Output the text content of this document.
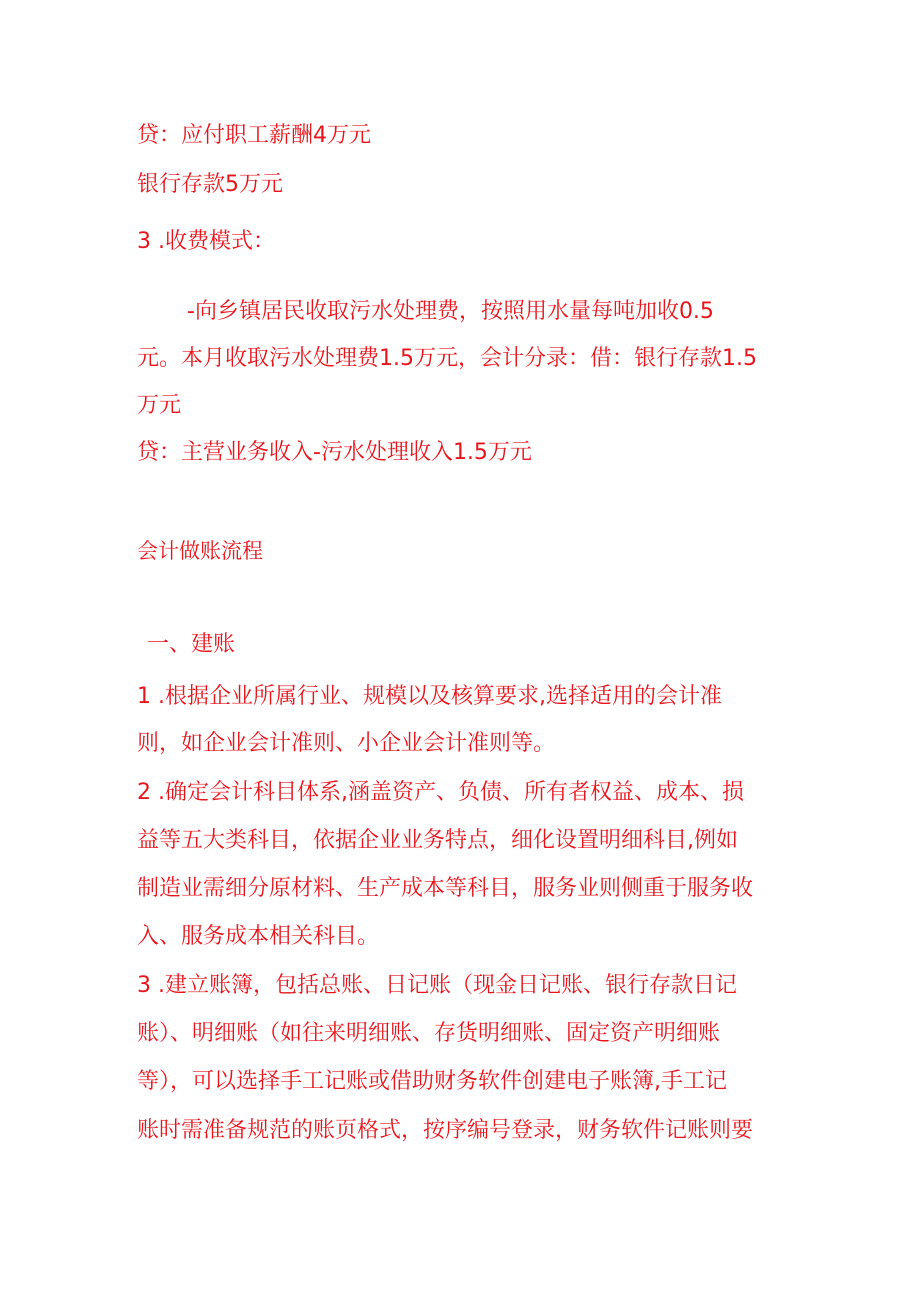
贷：应付职工薪酬4万元
银行存款5万元
3 .收费模式：
-向乡镇居民收取污水处理费，按照用水量每吨加收0.5
元。本月收取污水处理费1.5万元，会计分录：借：银行存款1.5
万元
贷：主营业务收入-污水处理收入1.5万元
会计做账流程
一、建账
1 .根据企业所属行业、规模以及核算要求,选择适用的会计准
则，如企业会计准则、小企业会计准则等。
2 .确定会计科目体系,涵盖资产、负债、所有者权益、成本、损
益等五大类科目，依据企业业务特点，细化设置明细科目,例如
制造业需细分原材料、生产成本等科目，服务业则侧重于服务收
入、服务成本相关科目。
3 .建立账簿，包括总账、日记账（现金日记账、银行存款日记
账）、明细账（如往来明细账、存货明细账、固定资产明细账
等），可以选择手工记账或借助财务软件创建电子账簿,手工记
账时需准备规范的账页格式，按序编号登录，财务软件记账则要
